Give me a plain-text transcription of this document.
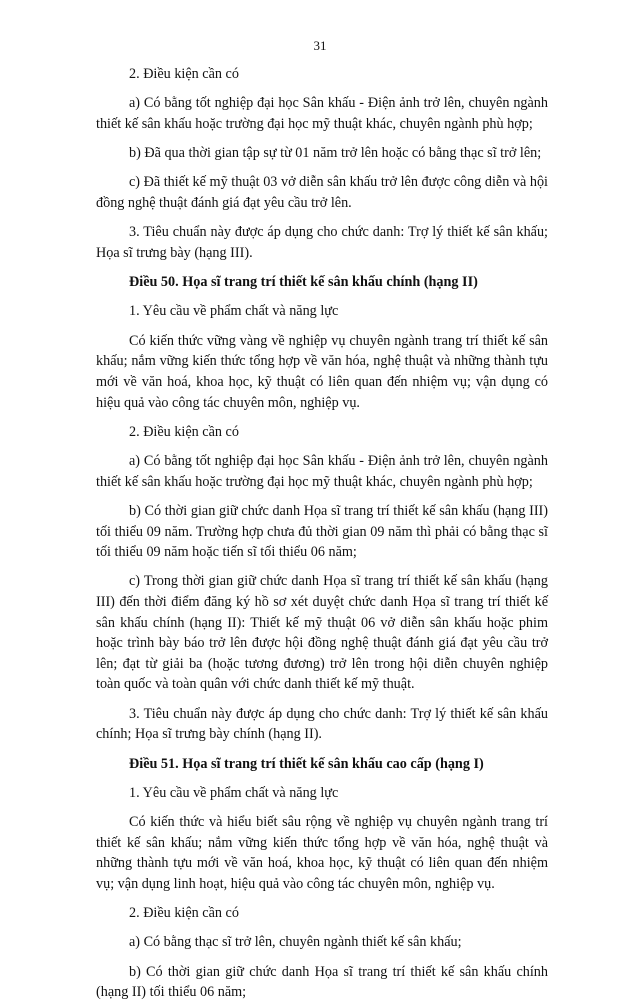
31

2. Điều kiện cần có

a) Có bằng tốt nghiệp đại học Sân khấu - Điện ảnh trở lên, chuyên ngành thiết kế sân khấu hoặc trường đại học mỹ thuật khác, chuyên ngành phù hợp;

b) Đã qua thời gian tập sự từ 01 năm trở lên hoặc có bằng thạc sĩ trở lên;

c) Đã thiết kế mỹ thuật 03 vở diễn sân khấu trở lên được công diễn và hội đồng nghệ thuật đánh giá đạt yêu cầu trở lên.

3. Tiêu chuẩn này được áp dụng cho chức danh: Trợ lý thiết kế sân khấu; Họa sĩ trưng bày (hạng III).

Điều 50. Họa sĩ trang trí thiết kế sân khấu chính (hạng II)

1. Yêu cầu về phẩm chất và năng lực

Có kiến thức vững vàng về nghiệp vụ chuyên ngành trang trí thiết kế sân khấu; nắm vững kiến thức tổng hợp về văn hóa, nghệ thuật và những thành tựu mới về văn hoá, khoa học, kỹ thuật có liên quan đến nhiệm vụ; vận dụng có hiệu quả vào công tác chuyên môn, nghiệp vụ.

2. Điều kiện cần có

a) Có bằng tốt nghiệp đại học Sân khấu - Điện ảnh trở lên, chuyên ngành thiết kế sân khấu hoặc trường đại học mỹ thuật khác, chuyên ngành phù hợp;

b) Có thời gian giữ chức danh Họa sĩ trang trí thiết kế sân khấu (hạng III) tối thiểu 09 năm. Trường hợp chưa đủ thời gian 09 năm thì phải có bằng thạc sĩ tối thiểu 09 năm hoặc tiến sĩ tối thiểu 06 năm;

c) Trong thời gian giữ chức danh Họa sĩ trang trí thiết kế sân khấu (hạng III) đến thời điểm đăng ký hồ sơ xét duyệt chức danh Họa sĩ trang trí thiết kế sân khấu chính (hạng II): Thiết kế mỹ thuật 06 vở diễn sân khấu hoặc phim hoặc trình bày báo trở lên được hội đồng nghệ thuật đánh giá đạt yêu cầu trở lên; đạt từ giải ba (hoặc tương đương) trở lên trong hội diễn chuyên nghiệp toàn quốc và toàn quân với chức danh thiết kế mỹ thuật.

3. Tiêu chuẩn này được áp dụng cho chức danh: Trợ lý thiết kế sân khấu chính; Họa sĩ trưng bày chính (hạng II).

Điều 51. Họa sĩ trang trí thiết kế sân khấu cao cấp (hạng I)

1. Yêu cầu về phẩm chất và năng lực

Có kiến thức và hiểu biết sâu rộng về nghiệp vụ chuyên ngành trang trí thiết kế sân khấu; nắm vững kiến thức tổng hợp về văn hóa, nghệ thuật và những thành tựu mới về văn hoá, khoa học, kỹ thuật có liên quan đến nhiệm vụ; vận dụng linh hoạt, hiệu quả vào công tác chuyên môn, nghiệp vụ.

2. Điều kiện cần có

a) Có bằng thạc sĩ trở lên, chuyên ngành thiết kế sân khấu;

b) Có thời gian giữ chức danh Họa sĩ trang trí thiết kế sân khấu chính (hạng II) tối thiểu 06 năm;
